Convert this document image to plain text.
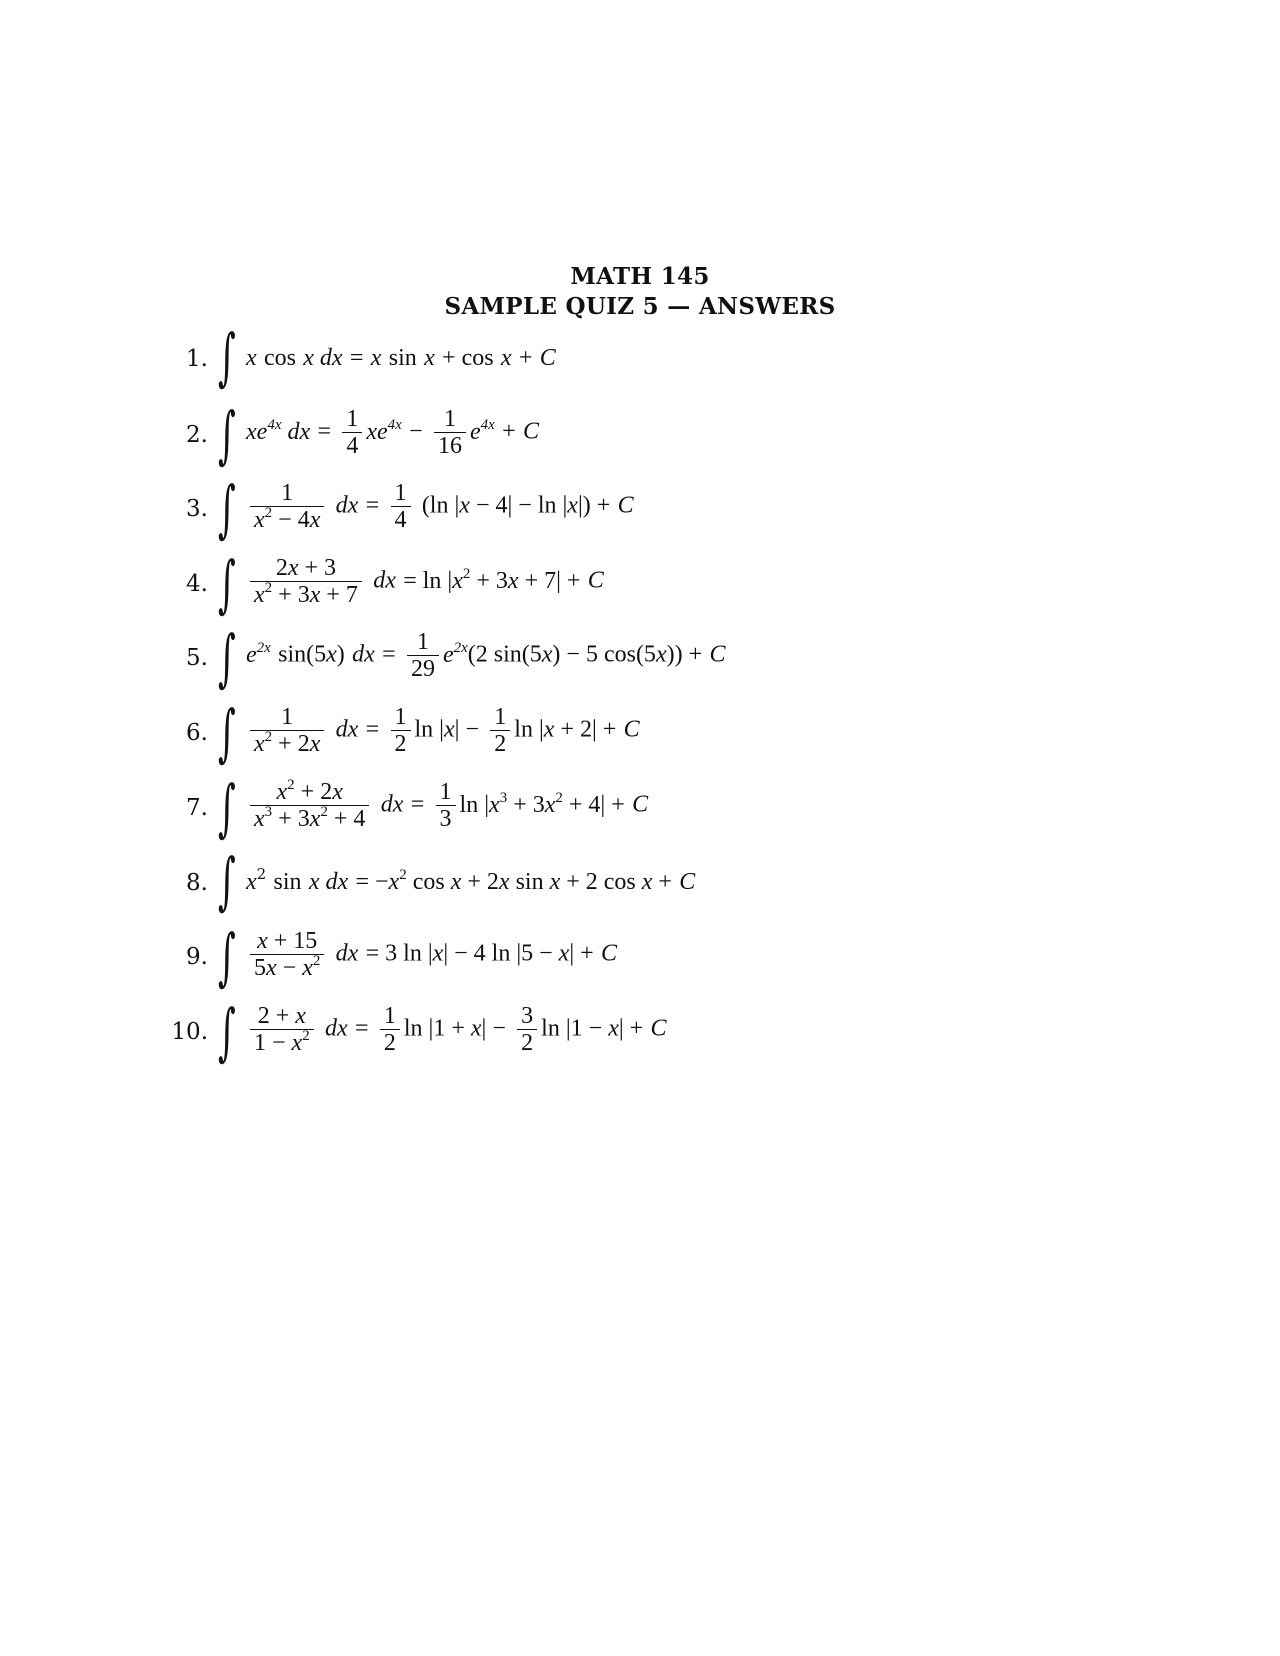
MATH 145
SAMPLE QUIZ 5 — ANSWERS
1. ∫ x cos x dx = x sin x + cos x + C
2. ∫ $xe^{4x}$ dx = $\frac{1}{4} xe^{4x} - \frac{1}{16} e^{4x} + C$
3. ∫ $\frac{1}{x^2 - 4x}$ dx = $\frac{1}{4} (\ln$ |x − 4| − ln |x|) + C
4. ∫ $\frac{2x + 3}{x^2 + 3x + 7}$ dx = $\ln |x^2 + 3x + 7| + C$
5. ∫ $e^{2x}$ sin(5x) dx = $\frac{1}{29} e^{2x}(2$ sin(5x) − 5 cos(5x)) + C
6. ∫ $\frac{1}{x^2 + 2x}$ dx = $\frac{1}{2}$ $\ln |x| - \frac{1}{2}$ ln |x + 2| + C
7. ∫ $\frac{x^2 + 2x}{x^3 + 3x^2 + 4}$ dx = $\frac{1}{3}$ $\ln |x^3 + 3x^2 + 4| + C$
8. ∫ $x^2$ sin x dx = $-x^2$ cos x + 2x sin x + 2 cos x + C
9. ∫ $\frac{x + 15}{5x - x^2}$ dx = 3 ln |x| − 4 ln |5 − x| + C
10. ∫ $\frac{2 + x}{1 - x^2}$ dx = $\frac{1}{2}$ $\ln |1 + x| - \frac{3}{2}$ ln |1 − x| + C
